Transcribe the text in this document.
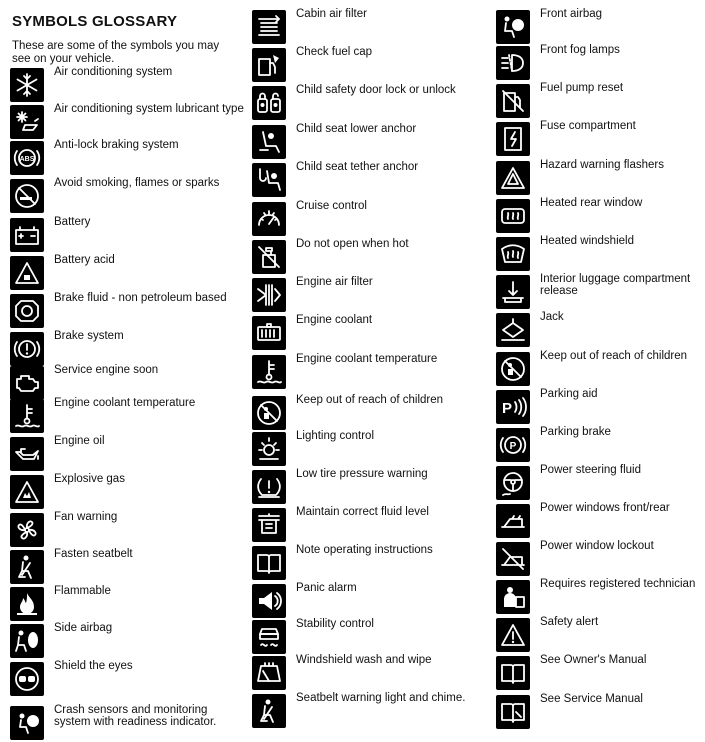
SYMBOLS GLOSSARY
These are some of the symbols you may see on your vehicle.
Air conditioning system
Air conditioning system lubricant type
ABS
Anti-lock braking system
Avoid smoking, flames or sparks
Battery
Battery acid
Brake fluid - non petroleum based
Brake system
Service engine soon
Engine coolant temperature
Engine oil
Explosive gas
Fan warning
Fasten seatbelt
Flammable
Side airbag
Shield the eyes
Crash sensors and monitoring system with readiness indicator.
Cabin air filter
Check fuel cap
Child safety door lock or unlock
Child seat lower anchor
Child seat tether anchor
Cruise control
Do not open when hot
Engine air filter
Engine coolant
Engine coolant temperature
Keep out of reach of children
Lighting control
Low tire pressure warning
Maintain correct fluid level
Note operating instructions
Panic alarm
Stability control
Windshield wash and wipe
Seatbelt warning light and chime.
Front airbag
Front fog lamps
Fuel pump reset
Fuse compartment
Hazard warning flashers
Heated rear window
Heated windshield
Interior luggage compartment release
Jack
Keep out of reach of children
P
Parking aid
P
Parking brake
Power steering fluid
Power windows front/rear
Power window lockout
Requires registered technician
Safety alert
See Owner's Manual
See Service Manual
